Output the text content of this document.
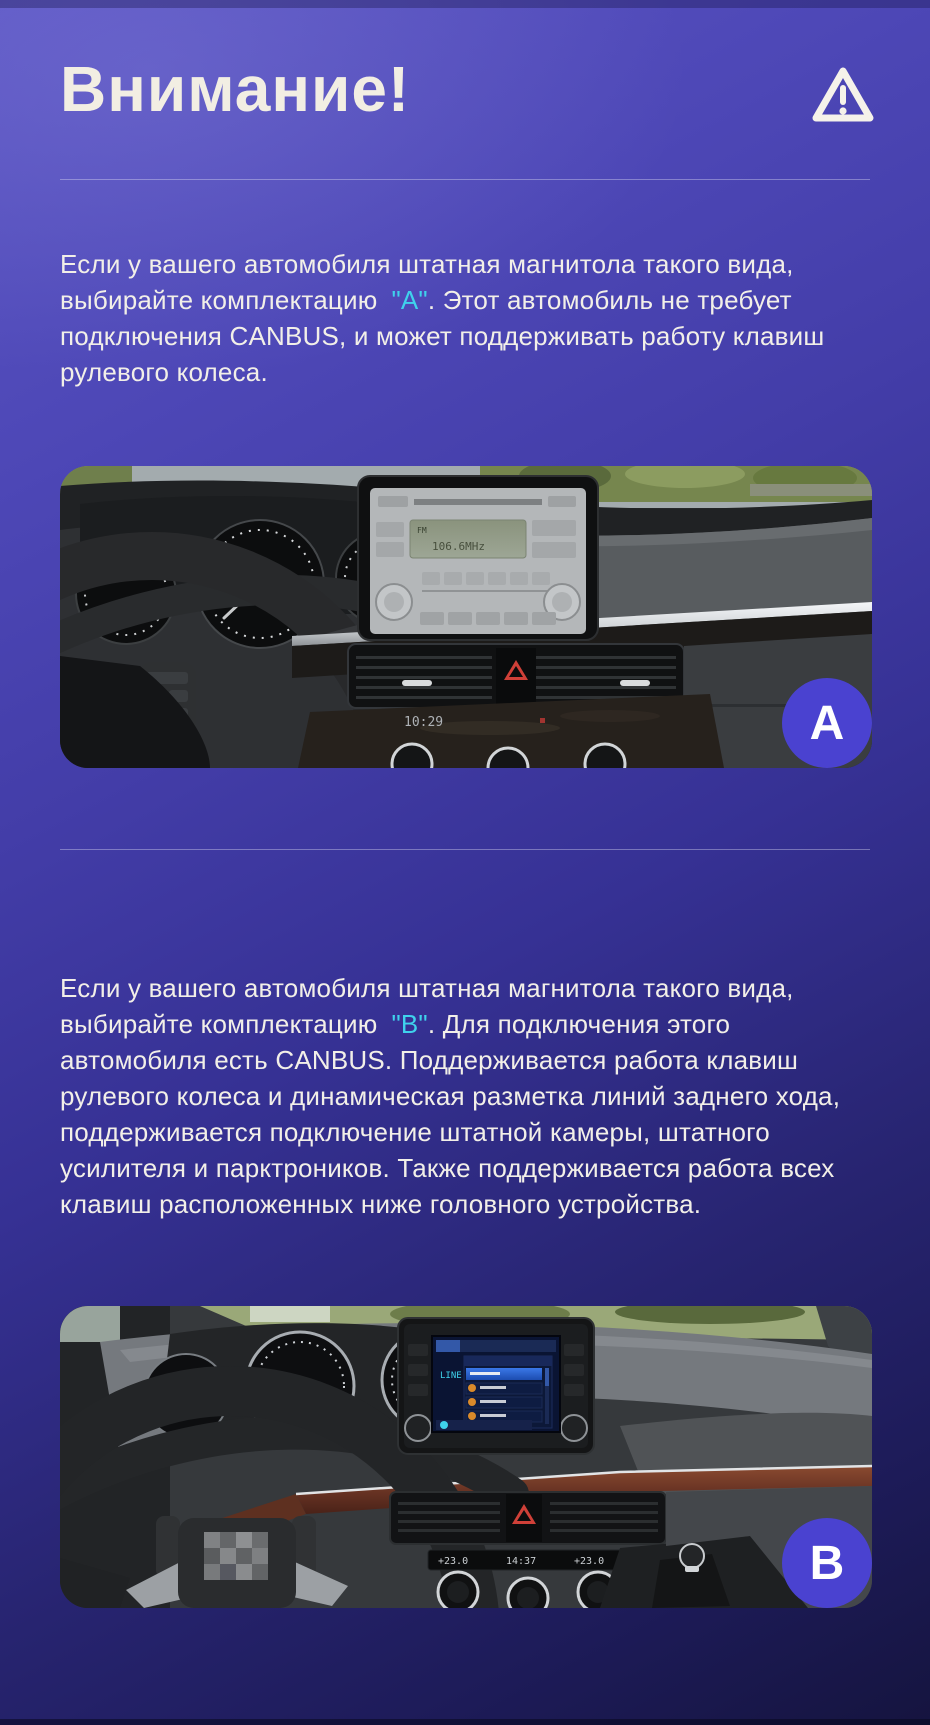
Внимание!

Если у вашего автомобиля штатная магнитола такого вида, выбирайте комплектацию "А". Этот автомобиль не требует подключения CANBUS, и может поддерживать работу клавиш рулевого колеса.

10:29
FM
106.6MHz
A

Если у вашего автомобиля штатная магнитола такого вида, выбирайте комплектацию "В". Для подключения этого автомобиля есть CANBUS. Поддерживается работа клавиш рулевого колеса и динамическая разметка линий заднего хода, поддерживается подключение штатной камеры, штатного усилителя и парктроников. Также поддерживается работа всех клавиш расположенных ниже головного устройства.

+23.0	14:37	+23.0
LINE
B
